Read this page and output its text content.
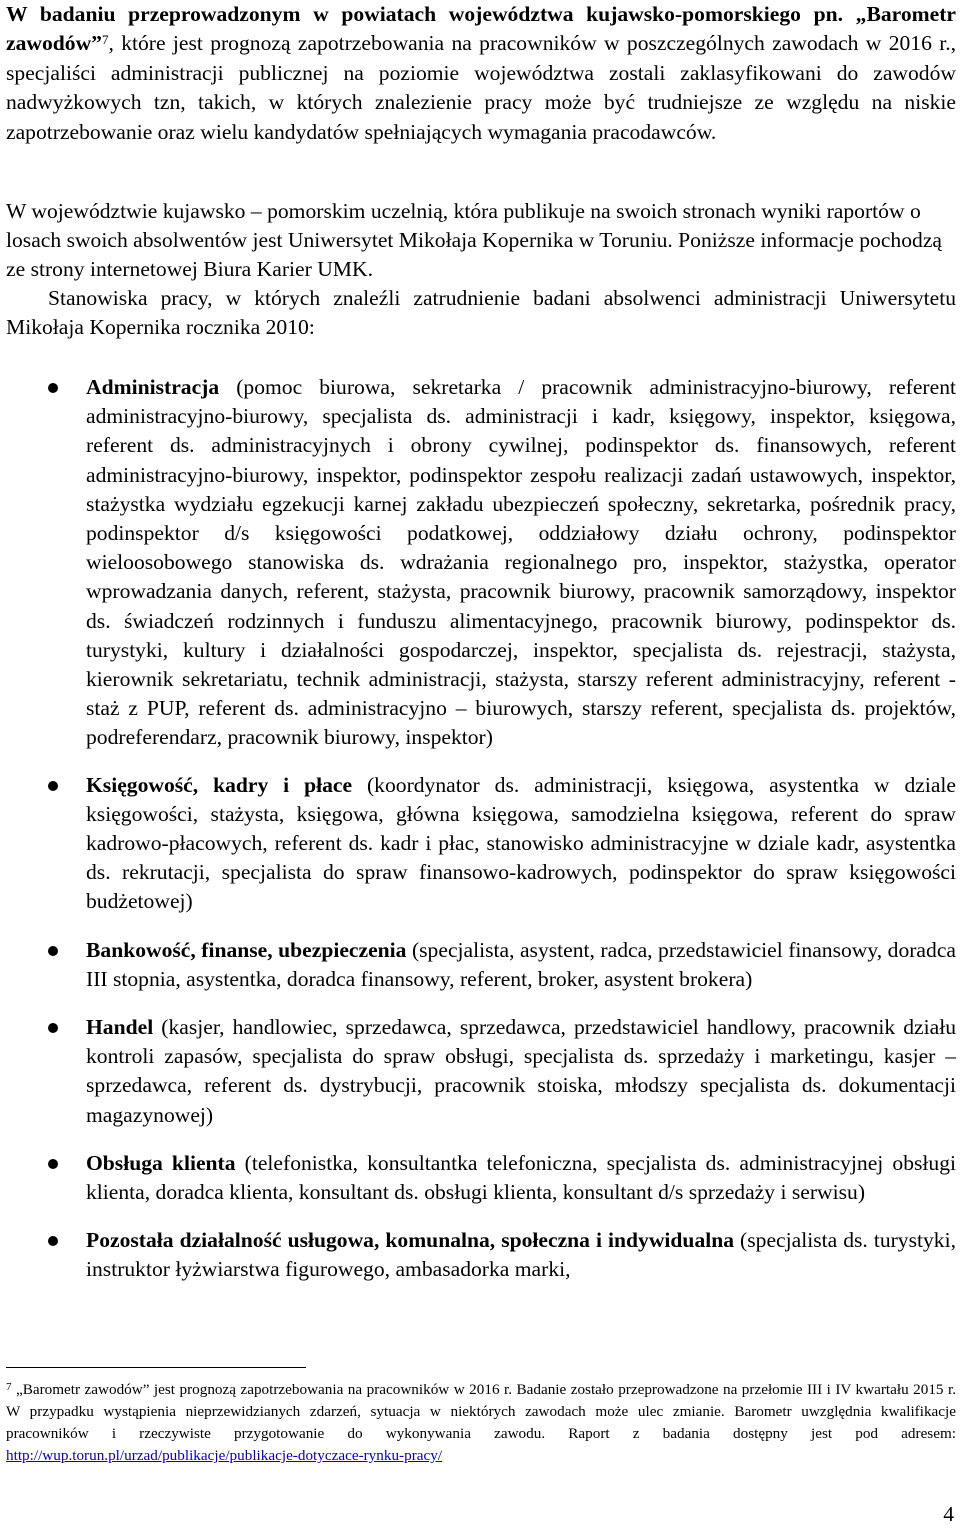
W badaniu przeprowadzonym w powiatach województwa kujawsko-pomorskiego pn. „Barometr zawodów”$^7$, które jest prognozą zapotrzebowania na pracowników w poszczególnych zawodach w 2016 r., specjaliści administracji publicznej na poziomie województwa zostali zaklasyfikowani do zawodów nadwyżkowych tzn, takich, w których znalezienie pracy może być trudniejsze ze względu na niskie zapotrzebowanie oraz wielu kandydatów spełniających wymagania pracodawców.

W województwie kujawsko – pomorskim uczelnią, która publikuje na swoich stronach wyniki raportów o losach swoich absolwentów jest Uniwersytet Mikołaja Kopernika w Toruniu. Poniższe informacje pochodzą ze strony internetowej Biura Karier UMK.

Stanowiska pracy, w których znaleźli zatrudnienie badani absolwenci administracji Uniwersytetu Mikołaja Kopernika rocznika 2010:

Administracja (pomoc biurowa, sekretarka / pracownik administracyjno-biurowy, referent administracyjno-biurowy, specjalista ds. administracji i kadr, księgowy, inspektor, księgowa, referent ds. administracyjnych i obrony cywilnej, podinspektor ds. finansowych, referent administracyjno-biurowy, inspektor, podinspektor zespołu realizacji zadań ustawowych, inspektor, stażystka wydziału egzekucji karnej zakładu ubezpieczeń społeczny, sekretarka, pośrednik pracy, podinspektor d/s księgowości podatkowej, oddziałowy działu ochrony, podinspektor wieloosobowego stanowiska ds. wdrażania regionalnego pro, inspektor, stażystka, operator wprowadzania danych, referent, stażysta, pracownik biurowy, pracownik samorządowy, inspektor ds. świadczeń rodzinnych i funduszu alimentacyjnego, pracownik biurowy, podinspektor ds. turystyki, kultury i działalności gospodarczej, inspektor, specjalista ds. rejestracji, stażysta, kierownik sekretariatu, technik administracji, stażysta, starszy referent administracyjny, referent - staż z PUP, referent ds. administracyjno – biurowych, starszy referent, specjalista ds. projektów, podreferendarz, pracownik biurowy, inspektor)
Księgowość, kadry i płace (koordynator ds. administracji, księgowa, asystentka w dziale księgowości, stażysta, księgowa, główna księgowa, samodzielna księgowa, referent do spraw kadrowo-płacowych, referent ds. kadr i płac, stanowisko administracyjne w dziale kadr, asystentka ds. rekrutacji, specjalista do spraw finansowo-kadrowych, podinspektor do spraw księgowości budżetowej)
Bankowość, finanse, ubezpieczenia (specjalista, asystent, radca, przedstawiciel finansowy, doradca III stopnia, asystentka, doradca finansowy, referent, broker, asystent brokera)
Handel (kasjer, handlowiec, sprzedawca, sprzedawca, przedstawiciel handlowy, pracownik działu kontroli zapasów, specjalista do spraw obsługi, specjalista ds. sprzedaży i marketingu, kasjer – sprzedawca, referent ds. dystrybucji, pracownik stoiska, młodszy specjalista ds. dokumentacji magazynowej)
Obsługa klienta (telefonistka, konsultantka telefoniczna, specjalista ds. administracyjnej obsługi klienta, doradca klienta, konsultant ds. obsługi klienta, konsultant d/s sprzedaży i serwisu)
Pozostała działalność usługowa, komunalna, społeczna i indywidualna (specjalista ds. turystyki, instruktor łyżwiarstwa figurowego, ambasadorka marki,

$^7$ „Barometr zawodów” jest prognozą zapotrzebowania na pracowników w 2016 r. Badanie zostało przeprowadzone na przełomie III i IV kwartału 2015 r. W przypadku wystąpienia nieprzewidzianych zdarzeń, sytuacja w niektórych zawodach może ulec zmianie. Barometr uwzględnia kwalifikacje pracowników i rzeczywiste przygotowanie do wykonywania zawodu. Raport z badania dostępny jest pod adresem: http://wup.torun.pl/urzad/publikacje/publikacje-dotyczace-rynku-pracy/

4
